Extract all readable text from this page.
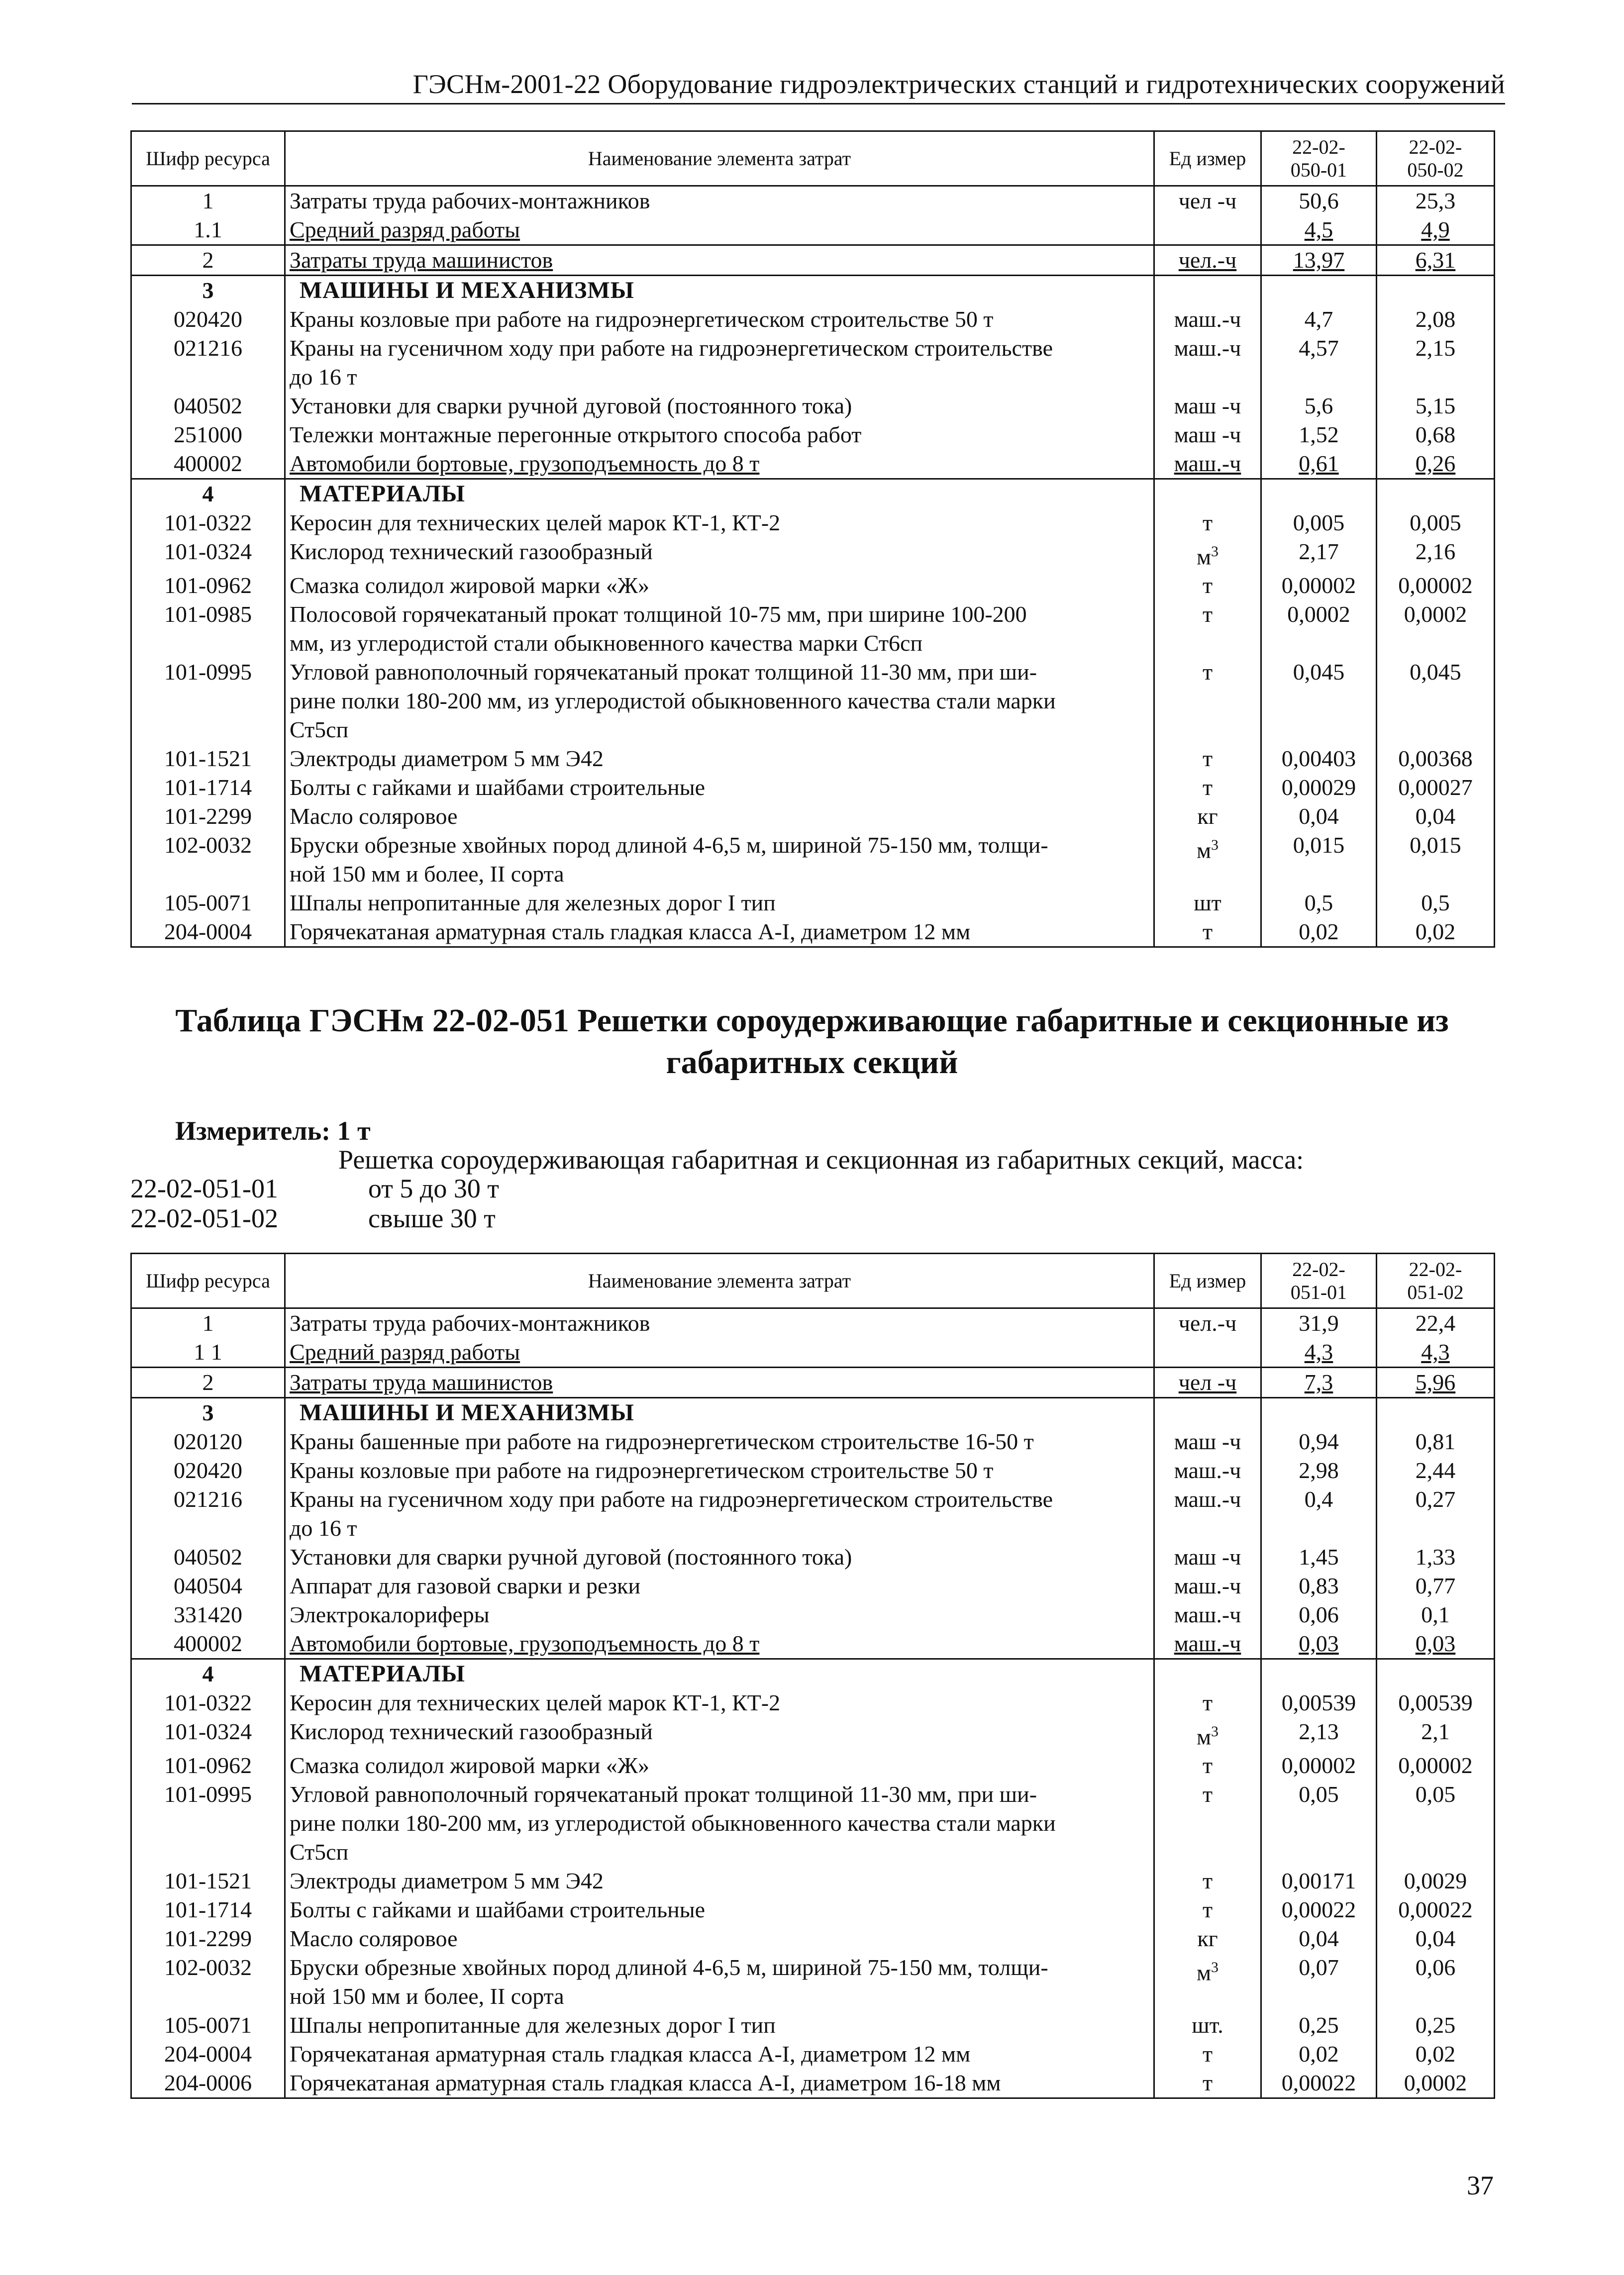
ГЭСНм-2001-22 Оборудование гидроэлектрических станций и гидротехнических сооружений
Шифр ресурса	Наименование элемента затрат	Ед измер	22-02-
050-01	22-02-
050-02
1	Затраты труда рабочих-монтажников	чел -ч	50,6	25,3
1.1	Средний разряд работы		4,5	4,9
2	Затраты труда машинистов	чел.-ч	13,97	6,31
3	МАШИНЫ И МЕХАНИЗМЫ			

020420	Краны козловые при работе на гидроэнергетическом строительстве 50 т	маш.-ч	4,7	2,08
021216	Краны на гусеничном ходу при работе на гидроэнергетическом строительстве
до 16 т	маш.-ч	4,57	2,15
040502	Установки для сварки ручной дуговой (постоянного тока)	маш -ч	5,6	5,15
251000	Тележки монтажные перегонные открытого способа работ	маш -ч	1,52	0,68
400002	Автомобили бортовые, грузоподъемность до 8 т	маш.-ч	0,61	0,26
4	МАТЕРИАЛЫ			

101-0322	Керосин для технических целей марок КТ-1, КТ-2	т	0,005	0,005
101-0324	Кислород технический газообразный	$м^3$	2,17	2,16
101-0962	Смазка солидол жировой марки «Ж»	т	0,00002	0,00002
101-0985	Полосовой горячекатаный прокат толщиной 10-75 мм, при ширине 100-200
мм, из углеродистой стали обыкновенного качества марки Ст6сп	т	0,0002	0,0002
101-0995	Угловой равнополочный горячекатаный прокат толщиной 11-30 мм, при ши-
рине полки 180-200 мм, из углеродистой обыкновенного качества стали марки
Ст5сп	т	0,045	0,045
101-1521	Электроды диаметром 5 мм Э42	т	0,00403	0,00368
101-1714	Болты с гайками и шайбами строительные	т	0,00029	0,00027
101-2299	Масло соляровое	кг	0,04	0,04
102-0032	Бруски обрезные хвойных пород длиной 4-6,5 м, шириной 75-150 мм, толщи-
ной 150 мм и более, II сорта	$м^3$	0,015	0,015
105-0071	Шпалы непропитанные для железных дорог I тип	шт	0,5	0,5
204-0004	Горячекатаная арматурная сталь гладкая класса А-I, диаметром 12 мм	т	0,02	0,02
Таблица ГЭСНм 22-02-051 Решетки сороудерживающие габаритные и секционные из
габаритных секций
Измеритель: 1 т
Решетка сороудерживающая габаритная и секционная из габаритных секций, масса:
22-02-051-01	от 5 до 30 т
22-02-051-02	свыше 30 т
Шифр ресурса	Наименование элемента затрат	Ед измер	22-02-
051-01	22-02-
051-02
1	Затраты труда рабочих-монтажников	чел.-ч	31,9	22,4
1 1	Средний разряд работы		4,3	4,3
2	Затраты труда машинистов	чел -ч	7,3	5,96
3	МАШИНЫ И МЕХАНИЗМЫ			

020120	Краны башенные при работе на гидроэнергетическом строительстве 16-50 т	маш -ч	0,94	0,81
020420	Краны козловые при работе на гидроэнергетическом строительстве 50 т	маш.-ч	2,98	2,44
021216	Краны на гусеничном ходу при работе на гидроэнергетическом строительстве
до 16 т	маш.-ч	0,4	0,27
040502	Установки для сварки ручной дуговой (постоянного тока)	маш -ч	1,45	1,33
040504	Аппарат для газовой сварки и резки	маш.-ч	0,83	0,77
331420	Электрокалориферы	маш.-ч	0,06	0,1
400002	Автомобили бортовые, грузоподъемность до 8 т	маш.-ч	0,03	0,03
4	МАТЕРИАЛЫ			

101-0322	Керосин для технических целей марок КТ-1, КТ-2	т	0,00539	0,00539
101-0324	Кислород технический газообразный	$м^3$	2,13	2,1
101-0962	Смазка солидол жировой марки «Ж»	т	0,00002	0,00002
101-0995	Угловой равнополочный горячекатаный прокат толщиной 11-30 мм, при ши-
рине полки 180-200 мм, из углеродистой обыкновенного качества стали марки
Ст5сп	т	0,05	0,05
101-1521	Электроды диаметром 5 мм Э42	т	0,00171	0,0029
101-1714	Болты с гайками и шайбами строительные	т	0,00022	0,00022
101-2299	Масло соляровое	кг	0,04	0,04
102-0032	Бруски обрезные хвойных пород длиной 4-6,5 м, шириной 75-150 мм, толщи-
ной 150 мм и более, II сорта	$м^3$	0,07	0,06
105-0071	Шпалы непропитанные для железных дорог I тип	шт.	0,25	0,25
204-0004	Горячекатаная арматурная сталь гладкая класса А-I, диаметром 12 мм	т	0,02	0,02
204-0006	Горячекатаная арматурная сталь гладкая класса А-I, диаметром 16-18 мм	т	0,00022	0,0002
37
